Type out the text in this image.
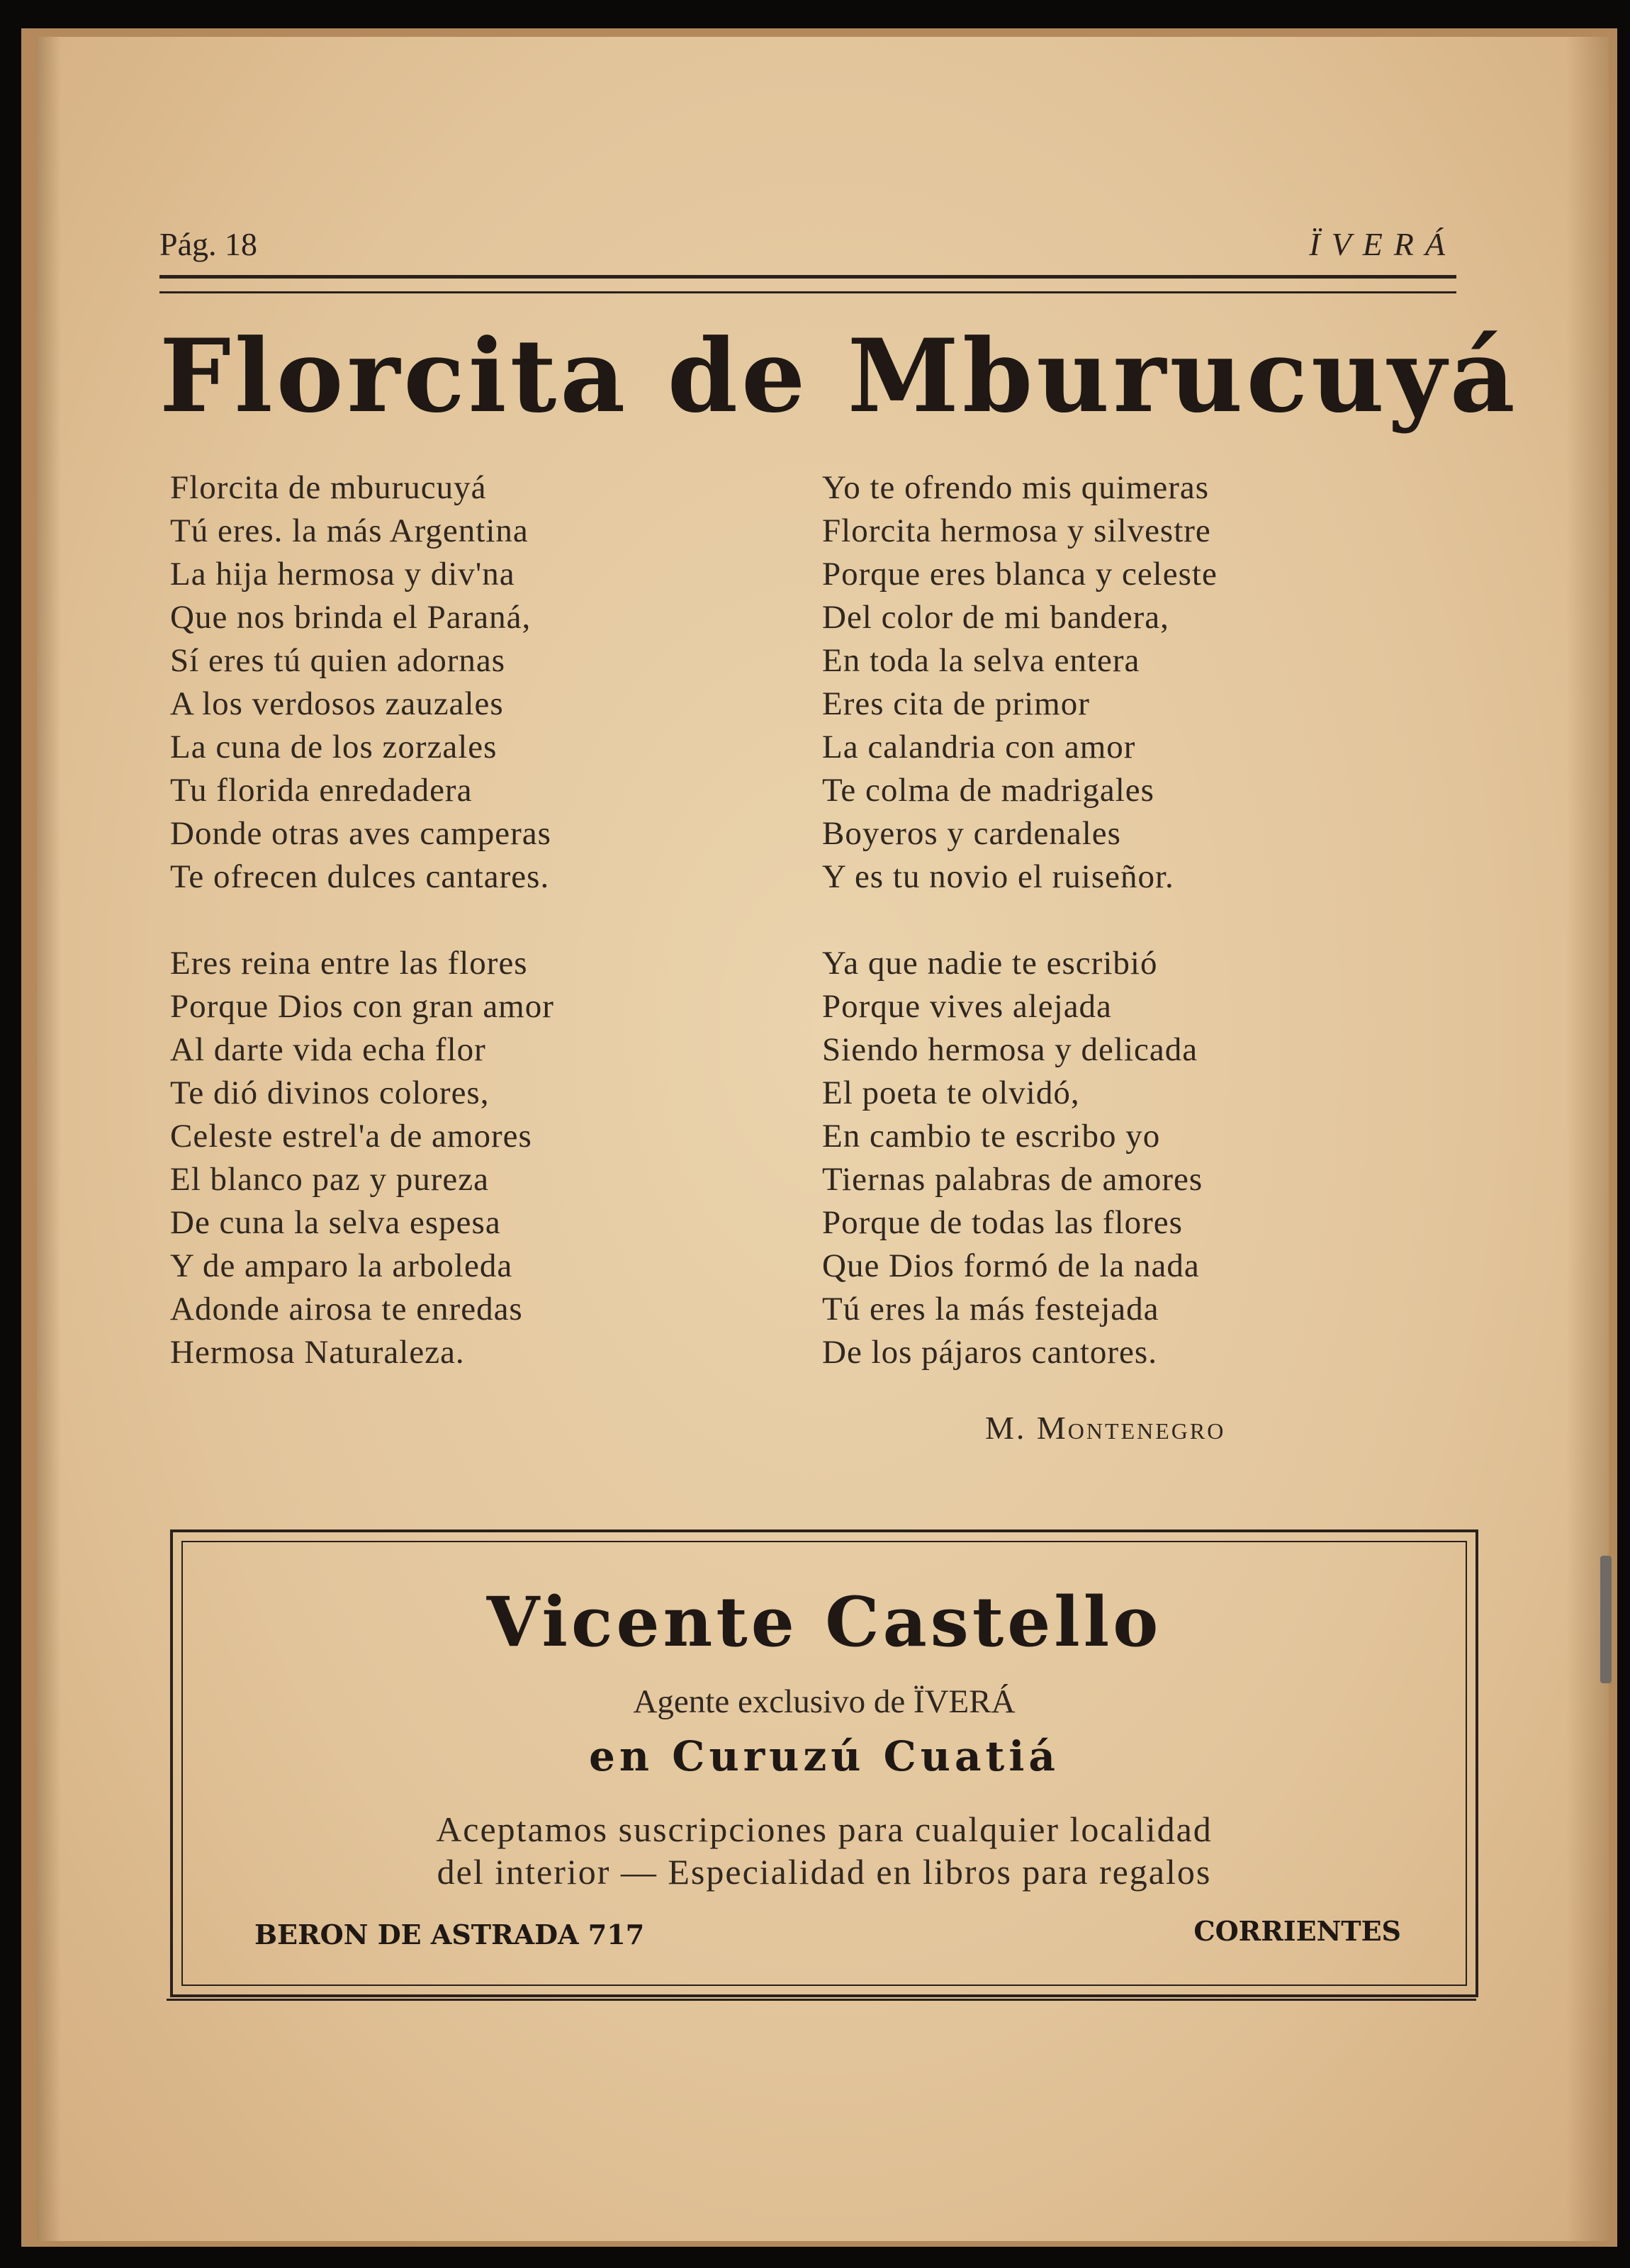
Pág. 18	ÏVERÁ
Florcita de Mburucuyá
Florcita de mburucuyá
Tú eres. la más Argentina
La hija hermosa y div'na
Que nos brinda el Paraná,
Sí eres tú quien adornas
A los verdosos zauzales
La cuna de los zorzales
Tu florida enredadera
Donde otras aves camperas
Te ofrecen dulces cantares.
Eres reina entre las flores
Porque Dios con gran amor
Al darte vida echa flor
Te dió divinos colores,
Celeste estrel'a de amores
El blanco paz y pureza
De cuna la selva espesa
Y de amparo la arboleda
Adonde airosa te enredas
Hermosa Naturaleza.
Yo te ofrendo mis quimeras
Florcita hermosa y silvestre
Porque eres blanca y celeste
Del color de mi bandera,
En toda la selva entera
Eres cita de primor
La calandria con amor
Te colma de madrigales
Boyeros y cardenales
Y es tu novio el ruiseñor.
Ya que nadie te escribió
Porque vives alejada
Siendo hermosa y delicada
El poeta te olvidó,
En cambio te escribo yo
Tiernas palabras de amores
Porque de todas las flores
Que Dios formó de la nada
Tú eres la más festejada
De los pájaros cantores.
M. Montenegro
Vicente Castello
Agente exclusivo de ÏVERÁ
en Curuzú Cuatiá
Aceptamos suscripciones para cualquier localidad
del interior — Especialidad en libros para regalos
BERON DE ASTRADA 717	CORRIENTES
